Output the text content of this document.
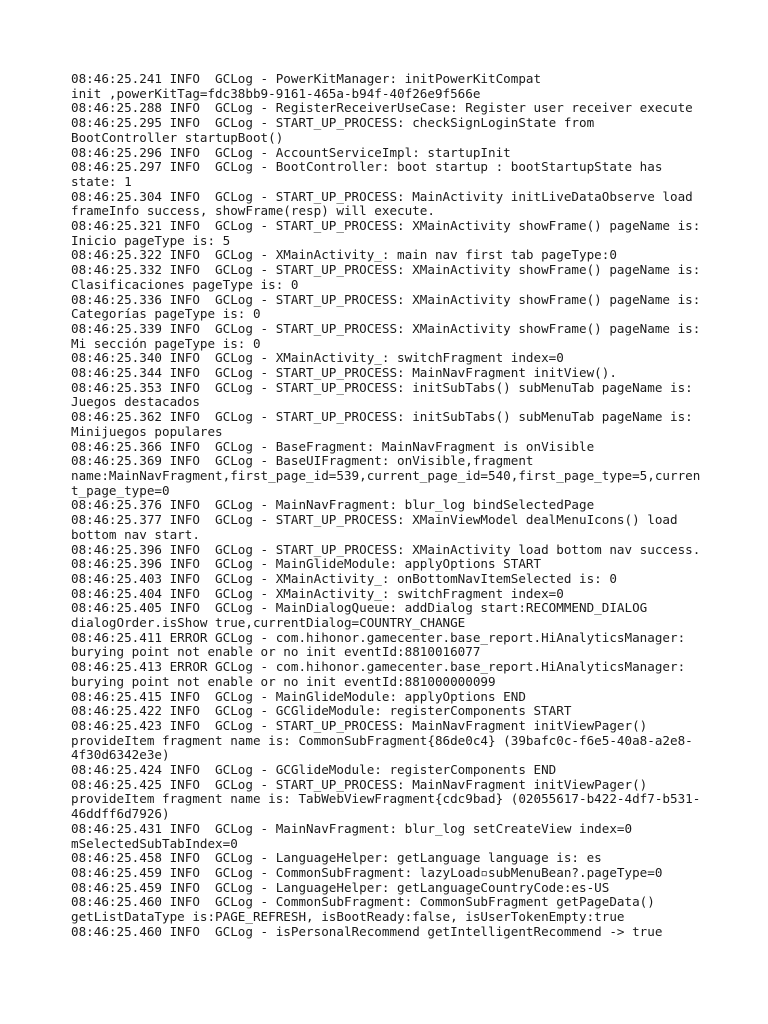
08:46:25.241 INFO  GCLog - PowerKitManager: initPowerKitCompat
init ,powerKitTag=fdc38bb9-9161-465a-b94f-40f26e9f566e
08:46:25.288 INFO  GCLog - RegisterReceiverUseCase: Register user receiver execute
08:46:25.295 INFO  GCLog - START_UP_PROCESS: checkSignLoginState from
BootController startupBoot()
08:46:25.296 INFO  GCLog - AccountServiceImpl: startupInit
08:46:25.297 INFO  GCLog - BootController: boot startup : bootStartupState has
state: 1
08:46:25.304 INFO  GCLog - START_UP_PROCESS: MainActivity initLiveDataObserve load
frameInfo success, showFrame(resp) will execute.
08:46:25.321 INFO  GCLog - START_UP_PROCESS: XMainActivity showFrame() pageName is:
Inicio pageType is: 5
08:46:25.322 INFO  GCLog - XMainActivity_: main nav first tab pageType:0
08:46:25.332 INFO  GCLog - START_UP_PROCESS: XMainActivity showFrame() pageName is:
Clasificaciones pageType is: 0
08:46:25.336 INFO  GCLog - START_UP_PROCESS: XMainActivity showFrame() pageName is:
Categorías pageType is: 0
08:46:25.339 INFO  GCLog - START_UP_PROCESS: XMainActivity showFrame() pageName is:
Mi sección pageType is: 0
08:46:25.340 INFO  GCLog - XMainActivity_: switchFragment index=0
08:46:25.344 INFO  GCLog - START_UP_PROCESS: MainNavFragment initView().
08:46:25.353 INFO  GCLog - START_UP_PROCESS: initSubTabs() subMenuTab pageName is:
Juegos destacados
08:46:25.362 INFO  GCLog - START_UP_PROCESS: initSubTabs() subMenuTab pageName is:
Minijuegos populares
08:46:25.366 INFO  GCLog - BaseFragment: MainNavFragment is onVisible
08:46:25.369 INFO  GCLog - BaseUIFragment: onVisible,fragment
name:MainNavFragment,first_page_id=539,current_page_id=540,first_page_type=5,curren
t_page_type=0
08:46:25.376 INFO  GCLog - MainNavFragment: blur_log bindSelectedPage
08:46:25.377 INFO  GCLog - START_UP_PROCESS: XMainViewModel dealMenuIcons() load
bottom nav start.
08:46:25.396 INFO  GCLog - START_UP_PROCESS: XMainActivity load bottom nav success.
08:46:25.396 INFO  GCLog - MainGlideModule: applyOptions START
08:46:25.403 INFO  GCLog - XMainActivity_: onBottomNavItemSelected is: 0
08:46:25.404 INFO  GCLog - XMainActivity_: switchFragment index=0
08:46:25.405 INFO  GCLog - MainDialogQueue: addDialog start:RECOMMEND_DIALOG
dialogOrder.isShow true,currentDialog=COUNTRY_CHANGE
08:46:25.411 ERROR GCLog - com.hihonor.gamecenter.base_report.HiAnalyticsManager:
burying point not enable or no init eventId:8810016077
08:46:25.413 ERROR GCLog - com.hihonor.gamecenter.base_report.HiAnalyticsManager:
burying point not enable or no init eventId:881000000099
08:46:25.415 INFO  GCLog - MainGlideModule: applyOptions END
08:46:25.422 INFO  GCLog - GCGlideModule: registerComponents START
08:46:25.423 INFO  GCLog - START_UP_PROCESS: MainNavFragment initViewPager()
provideItem fragment name is: CommonSubFragment{86de0c4} (39bafc0c-f6e5-40a8-a2e8-
4f30d6342e3e)
08:46:25.424 INFO  GCLog - GCGlideModule: registerComponents END
08:46:25.425 INFO  GCLog - START_UP_PROCESS: MainNavFragment initViewPager()
provideItem fragment name is: TabWebViewFragment{cdc9bad} (02055617-b422-4df7-b531-
46ddff6d7926)
08:46:25.431 INFO  GCLog - MainNavFragment: blur_log setCreateView index=0
mSelectedSubTabIndex=0
08:46:25.458 INFO  GCLog - LanguageHelper: getLanguage language is: es
08:46:25.459 INFO  GCLog - CommonSubFragment: lazyLoad▫subMenuBean?.pageType=0
08:46:25.459 INFO  GCLog - LanguageHelper: getLanguageCountryCode:es-US
08:46:25.460 INFO  GCLog - CommonSubFragment: CommonSubFragment getPageData()
getListDataType is:PAGE_REFRESH, isBootReady:false, isUserTokenEmpty:true
08:46:25.460 INFO  GCLog - isPersonalRecommend getIntelligentRecommend -> true
